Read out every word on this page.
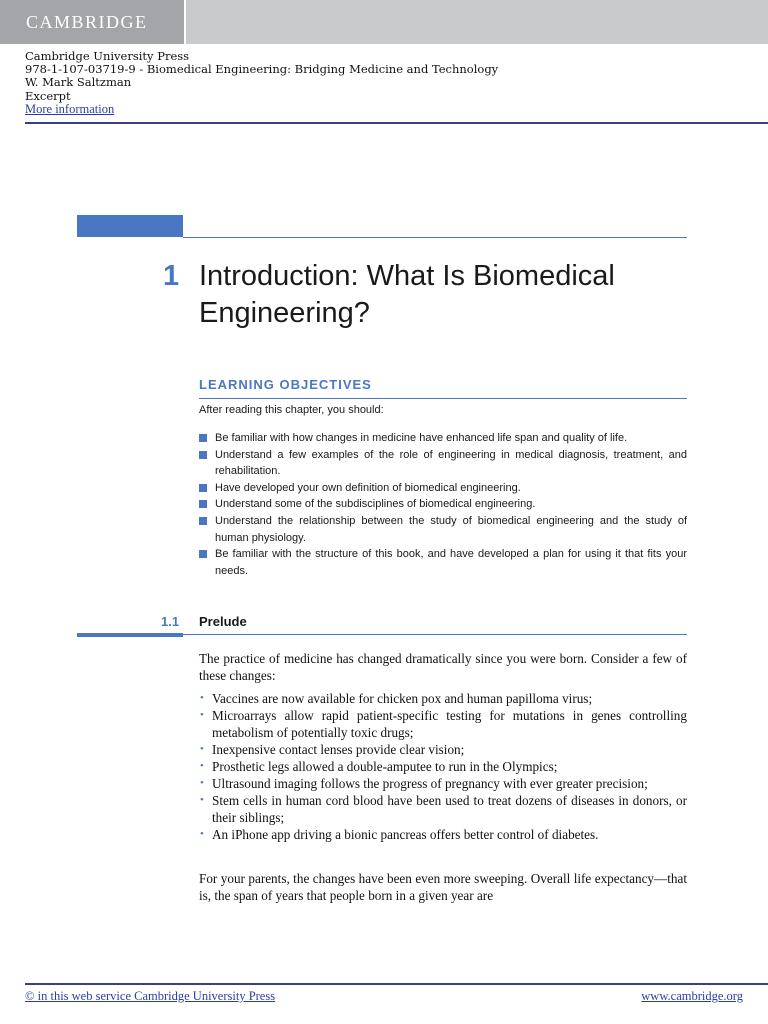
CAMBRIDGE
Cambridge University Press
978-1-107-03719-9 - Biomedical Engineering: Bridging Medicine and Technology
W. Mark Saltzman
Excerpt
More information
1 Introduction: What Is Biomedical Engineering?
LEARNING OBJECTIVES
After reading this chapter, you should:
Be familiar with how changes in medicine have enhanced life span and quality of life.
Understand a few examples of the role of engineering in medical diagnosis, treatment, and rehabilitation.
Have developed your own definition of biomedical engineering.
Understand some of the subdisciplines of biomedical engineering.
Understand the relationship between the study of biomedical engineering and the study of human physiology.
Be familiar with the structure of this book, and have developed a plan for using it that fits your needs.
1.1 Prelude

The practice of medicine has changed dramatically since you were born. Consider a few of these changes:

• Vaccines are now available for chicken pox and human papilloma virus;
• Microarrays allow rapid patient-specific testing for mutations in genes controlling metabolism of potentially toxic drugs;
• Inexpensive contact lenses provide clear vision;
• Prosthetic legs allowed a double-amputee to run in the Olympics;
• Ultrasound imaging follows the progress of pregnancy with ever greater precision;
• Stem cells in human cord blood have been used to treat dozens of diseases in donors, or their siblings;
• An iPhone app driving a bionic pancreas offers better control of diabetes.

For your parents, the changes have been even more sweeping. Overall life expectancy—that is, the span of years that people born in a given year are

© in this web service Cambridge University Press	www.cambridge.org
